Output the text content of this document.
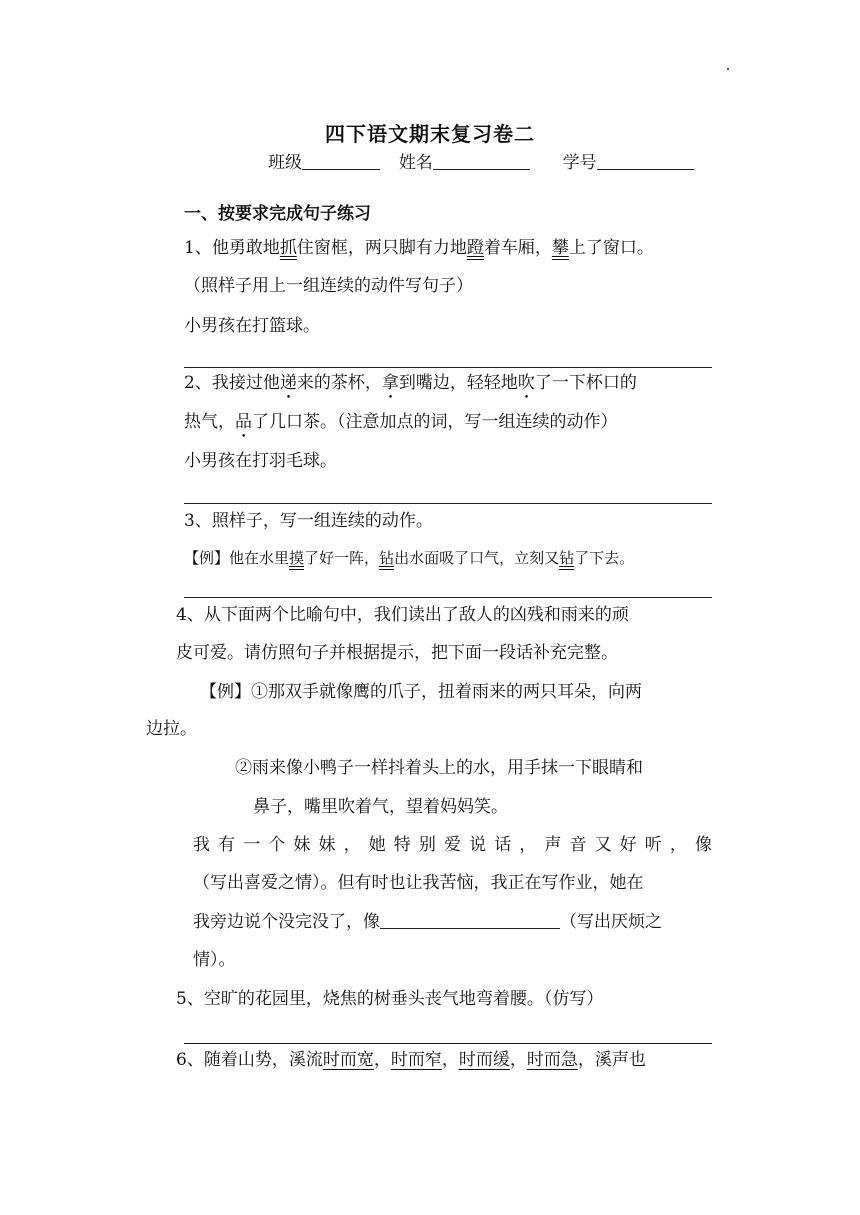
四下语文期末复习卷二
班级	姓名	学号
一、按要求完成句子练习
1、他勇敢地抓住窗框，两只脚有力地蹬着车厢，攀上了窗口。
（照样子用上一组连续的动件写句子）
小男孩在打篮球。
2、我接过他递来的茶杯，拿到嘴边，轻轻地吹了一下杯口的
热气，品了几口茶。（注意加点的词，写一组连续的动作）
小男孩在打羽毛球。
3、照样子，写一组连续的动作。
【例】他在水里摸了好一阵，钻出水面吸了口气，立刻又钻了下去。
4、从下面两个比喻句中，我们读出了敌人的凶残和雨来的顽
皮可爱。请仿照句子并根据提示，把下面一段话补充完整。
【例】①那双手就像鹰的爪子，扭着雨来的两只耳朵，向两
边拉。
②雨来像小鸭子一样抖着头上的水，用手抹一下眼睛和
鼻子，嘴里吹着气，望着妈妈笑。
我有一个妹妹，她特别爱说话，声音又好听，像
（写出喜爱之情）。但有时也让我苦恼，我正在写作业，她在
我旁边说个没完没了，像	（写出厌烦之
情）。
5、空旷的花园里，烧焦的树垂头丧气地弯着腰。（仿写）
6、随着山势，溪流时而宽，时而窄，时而缓，时而急，溪声也
